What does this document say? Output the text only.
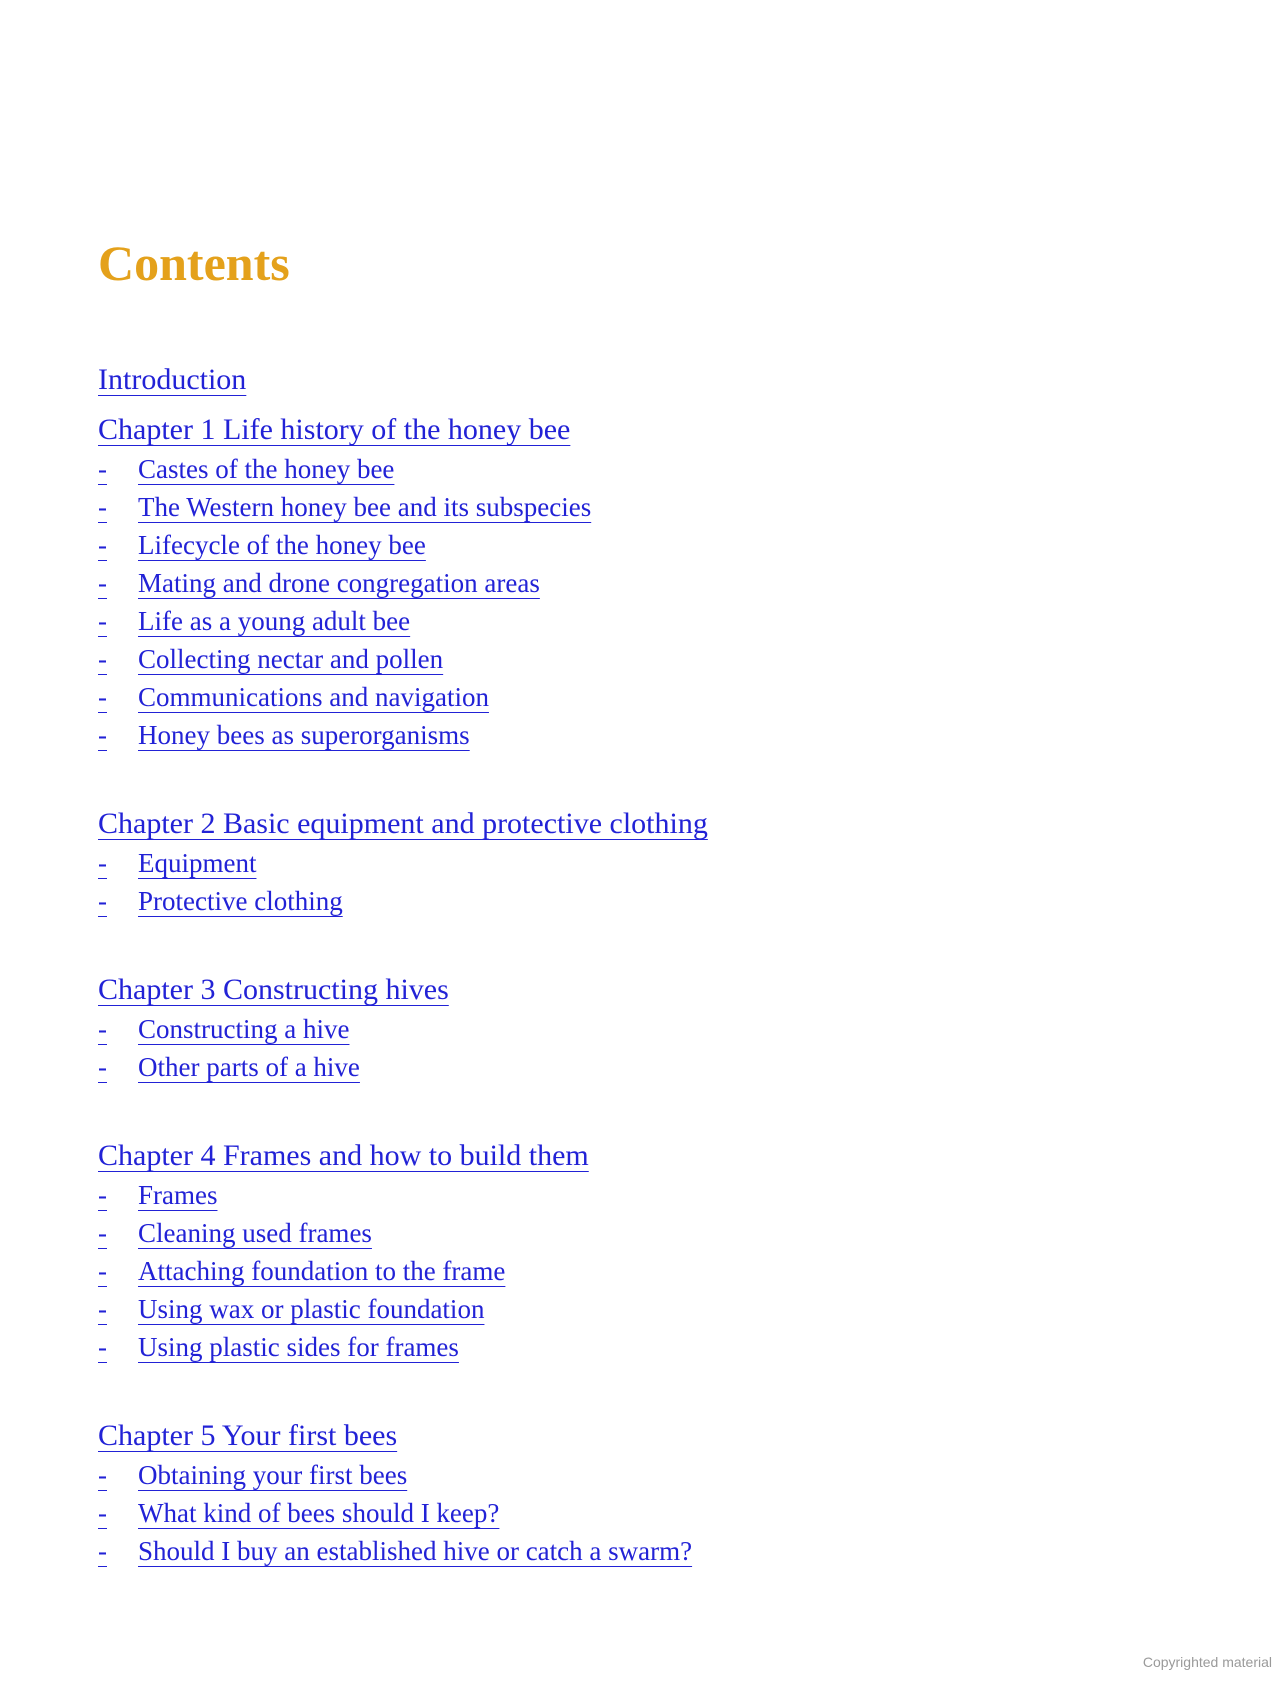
Contents
Introduction
Chapter 1 Life history of the honey bee
- Castes of the honey bee
- The Western honey bee and its subspecies
- Lifecycle of the honey bee
- Mating and drone congregation areas
- Life as a young adult bee
- Collecting nectar and pollen
- Communications and navigation
- Honey bees as superorganisms
Chapter 2 Basic equipment and protective clothing
- Equipment
- Protective clothing
Chapter 3 Constructing hives
- Constructing a hive
- Other parts of a hive
Chapter 4 Frames and how to build them
- Frames
- Cleaning used frames
- Attaching foundation to the frame
- Using wax or plastic foundation
- Using plastic sides for frames
Chapter 5 Your first bees
- Obtaining your first bees
- What kind of bees should I keep?
- Should I buy an established hive or catch a swarm?
Copyrighted material
